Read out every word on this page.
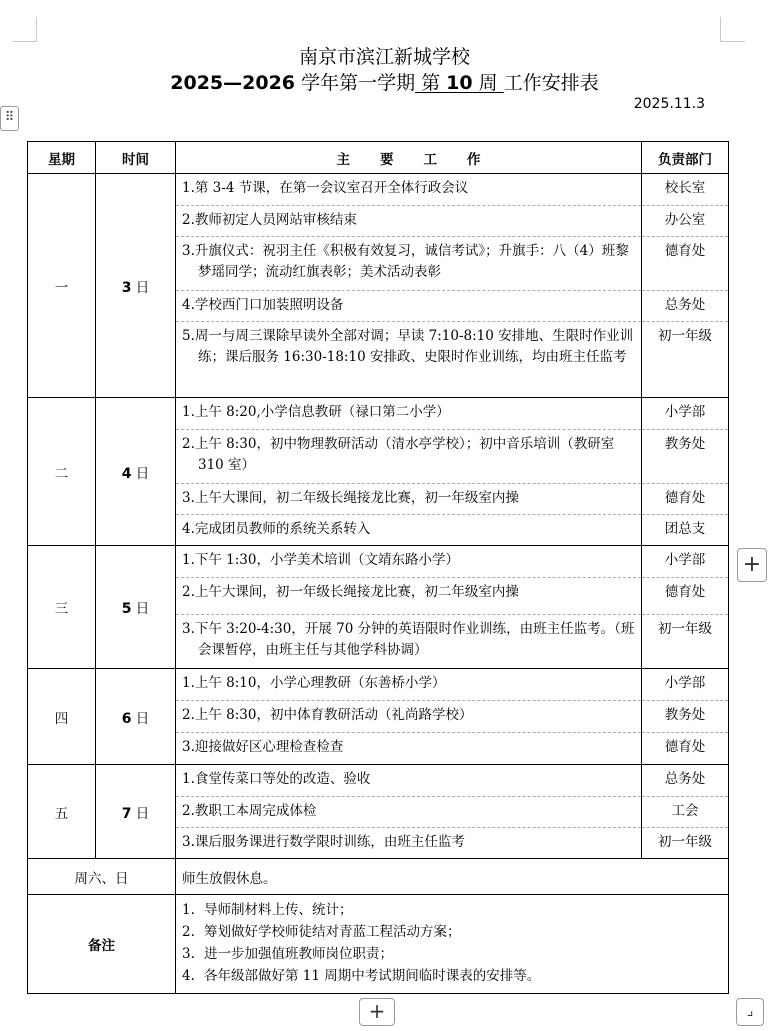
南京市滨江新城学校
2025—2026 学年第一学期 第 10 周 工作安排表
2025.11.3
⠿
星期	时间	主要工作	负责部门
一	3 日	1.第 3-4 节课，在第一会议室召开全体行政会议	校长室
		2.教师初定人员网站审核结束	办公室
		3.升旗仪式：祝羽主任《积极有效复习，诚信考试》；升旗手：八（4）班黎梦瑶同学；流动红旗表彰；美术活动表彰	德育处
		4.学校西门口加装照明设备	总务处
		5.周一与周三课除早读外全部对调；早读 7:10-8:10 安排地、生限时作业训练；课后服务 16:30-18:10 安排政、史限时作业训练，均由班主任监考	初一年级
二	4 日	1.上午 8:20,小学信息教研（禄口第二小学）	小学部
		2.上午 8:30，初中物理教研活动（清水亭学校）；初中音乐培训（教研室 310 室）	教务处
		3.上午大课间，初二年级长绳接龙比赛，初一年级室内操	德育处
		4.完成团员教师的系统关系转入	团总支
三	5 日	1.下午 1:30，小学美术培训（文靖东路小学）	小学部
		2.上午大课间，初一年级长绳接龙比赛，初二年级室内操	德育处
		3.下午 3:20-4:30，开展 70 分钟的英语限时作业训练，由班主任监考。（班会课暂停，由班主任与其他学科协调）	初一年级
四	6 日	1.上午 8:10，小学心理教研（东善桥小学）	小学部
		2.上午 8:30，初中体育教研活动（礼尚路学校）	教务处
		3.迎接做好区心理检查检查	德育处
五	7 日	1.食堂传菜口等处的改造、验收	总务处
		2.教职工本周完成体检	工会
		3.课后服务课进行数学限时训练，由班主任监考	初一年级
周六、日		师生放假休息。	
备注		1. 导师制材料上传、统计；
2. 筹划做好学校师徒结对青蓝工程活动方案；
3. 进一步加强值班教师岗位职责；
4. 各年级部做好第 11 周期中考试期间临时课表的安排等。	
+
+	⌟
